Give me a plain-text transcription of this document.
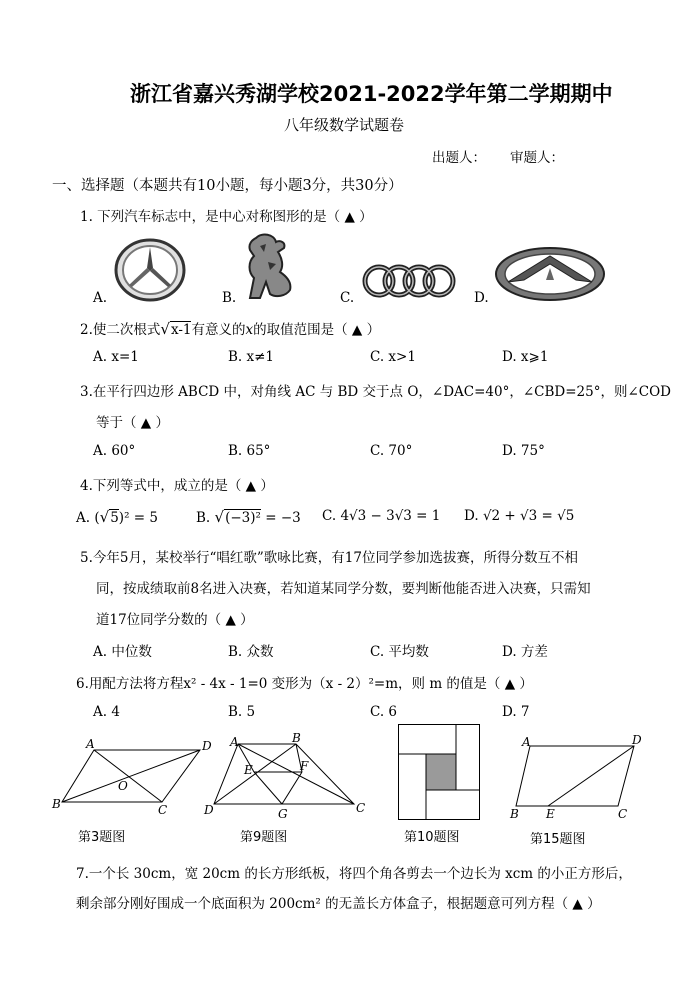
浙江省嘉兴秀湖学校2021-2022学年第二学期期中
八年级数学试题卷
出题人： 审题人：
一、选择题（本题共有10小题，每小题3分，共30分）
1. 下列汽车标志中，是中心对称图形的是（ ▲ ）
A.	B.	C.	D.
2.使二次根式√x-1有意义的x的取值范围是（ ▲ ）
A. x=1	B. x≠1	C. x>1	D. x⩾1
3.在平行四边形 ABCD 中，对角线 AC 与 BD 交于点 O，∠DAC=40°，∠CBD=25°，则∠COD
等于（ ▲ ）
A. 60°	B. 65°	C. 70°	D. 75°
4.下列等式中，成立的是（ ▲ ）
A. (√5)² = 5	B. √(−3)² = −3 C. 4√3 − 3√3 = 1 D. √2 + √3 = √5
5.今年5月，某校举行“唱红歌”歌咏比赛，有17位同学参加选拔赛，所得分数互不相
同，按成绩取前8名进入决赛，若知道某同学分数，要判断他能否进入决赛，只需知
道17位同学分数的（ ▲ ）
A. 中位数	B. 众数	C. 平均数	D. 方差
6.用配方法将方程x² - 4x - 1=0 变形为（x - 2）²=m，则 m 的值是（ ▲ ）
A. 4	B. 5	C. 6	D. 7
A	D
B	C
O
第3题图
A	B
C
D
E	F
G
第9题图	第10题图
A	D
B E	C
第15题图
7.一个长 30cm，宽 20cm 的长方形纸板，将四个角各剪去一个边长为 xcm 的小正方形后，
剩余部分刚好围成一个底面积为 200cm² 的无盖长方体盒子，根据题意可列方程（ ▲ ）
